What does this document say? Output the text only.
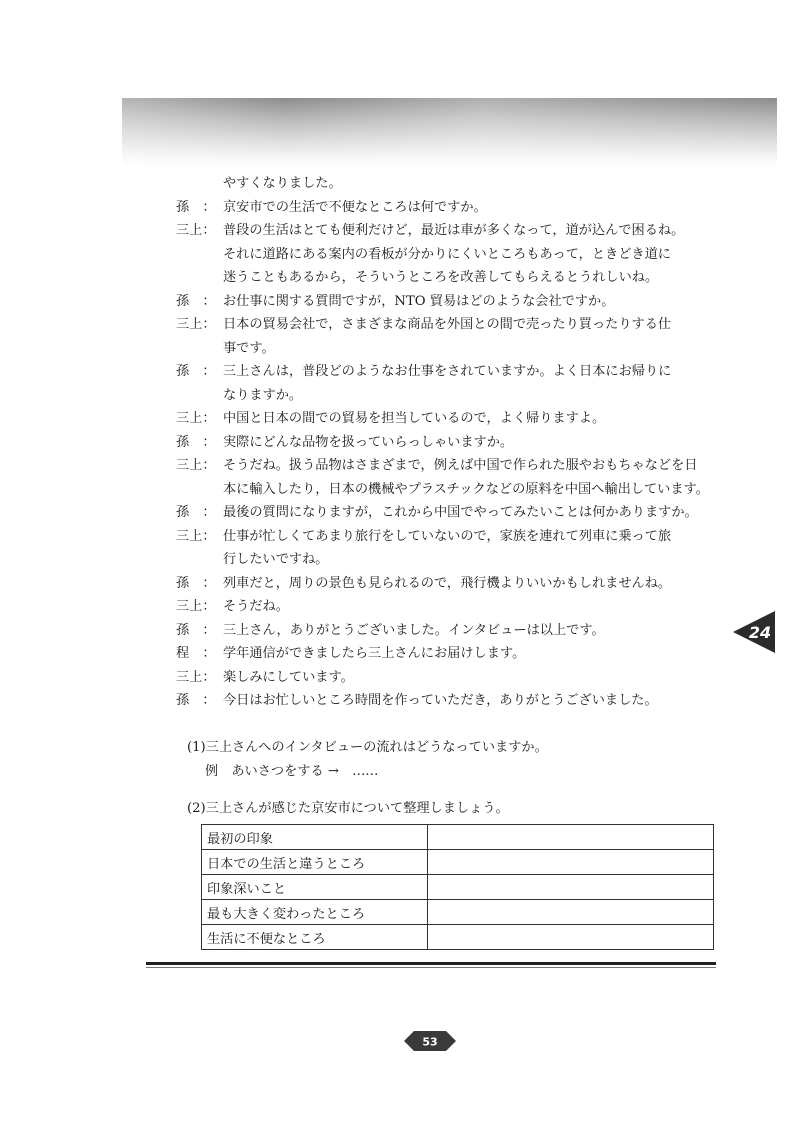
やすくなりました。
孫　： 京安市での生活で不便なところは何ですか。
三上： 普段の生活はとても便利だけど，最近は車が多くなって，道が込んで困るね。
それに道路にある案内の看板が分かりにくいところもあって，ときどき道に
迷うこともあるから，そういうところを改善してもらえるとうれしいね。
孫　： お仕事に関する質問ですが，NTO 貿易はどのような会社ですか。
三上： 日本の貿易会社で，さまざまな商品を外国との間で売ったり買ったりする仕
事です。
孫　： 三上さんは，普段どのようなお仕事をされていますか。よく日本にお帰りに
なりますか。
三上： 中国と日本の間での貿易を担当しているので，よく帰りますよ。
孫　： 実際にどんな品物を扱っていらっしゃいますか。
三上： そうだね。扱う品物はさまざまで，例えば中国で作られた服やおもちゃなどを日
本に輸入したり，日本の機械やプラスチックなどの原料を中国へ輸出しています。
孫　： 最後の質問になりますが，これから中国でやってみたいことは何かありますか。
三上： 仕事が忙しくてあまり旅行をしていないので，家族を連れて列車に乗って旅
行したいですね。
孫　： 列車だと，周りの景色も見られるので，飛行機よりいいかもしれませんね。
三上： そうだね。
孫　： 三上さん，ありがとうございました。インタビューは以上です。
程　： 学年通信ができましたら三上さんにお届けします。
三上： 楽しみにしています。
孫　： 今日はお忙しいところ時間を作っていただき，ありがとうございました。
(1)三上さんへのインタビューの流れはどうなっていますか。
例　あいさつをする →　……
(2)三上さんが感じた京安市について整理しましょう。
最初の印象	
日本での生活と違うところ	
印象深いこと	
最も大きく変わったところ	
生活に不便なところ	
24
53
